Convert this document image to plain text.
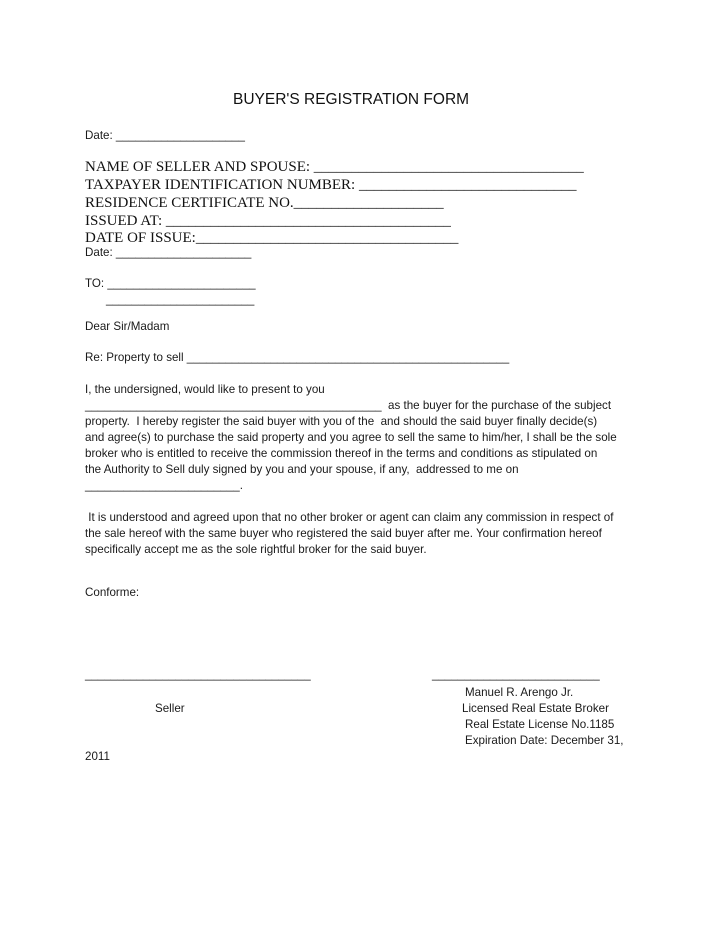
BUYER'S REGISTRATION FORM
Date: ____________________
NAME OF SELLER AND SPOUSE: ____________________________________
TAXPAYER IDENTIFICATION NUMBER: _____________________________
RESIDENCE CERTIFICATE NO.____________________
ISSUED AT: ______________________________________
DATE OF ISSUE:___________________________________
Date: _____________________
TO: _______________________
_______________________
Dear Sir/Madam
Re: Property to sell __________________________________________________
I, the undersigned, would like to present to you
______________________________________________  as the buyer for the purchase of the subject
property.  I hereby register the said buyer with you of the  and should the said buyer finally decide(s)
and agree(s) to purchase the said property and you agree to sell the same to him/her, I shall be the sole
broker who is entitled to receive the commission thereof in the terms and conditions as stipulated on
the Authority to Sell duly signed by you and your spouse, if any,  addressed to me on
________________________.
It is understood and agreed upon that no other broker or agent can claim any commission in respect of
the sale hereof with the same buyer who registered the said buyer after me. Your confirmation hereof
specifically accept me as the sole rightful broker for the said buyer.
Conforme:
___________________________________	__________________________
Manuel R. Arengo Jr.
Seller	Licensed Real Estate Broker
Real Estate License No.1185
Expiration Date: December 31,
2011
